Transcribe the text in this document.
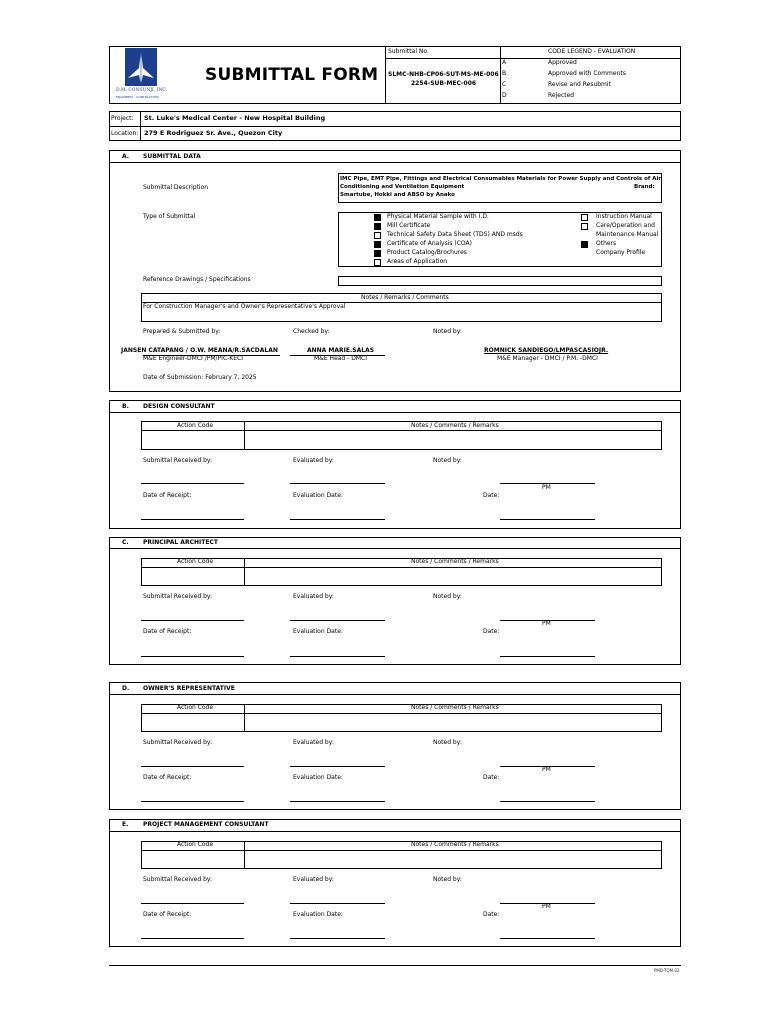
D.M. CONSUNJI, INC.
ENGINEERS · CONTRACTORS
SUBMITTAL FORM
Submittal No.
SLMC-NHB-CP06-SUT-MS-ME-006
2254-SUB-MEC-006
CODE LEGEND - EVALUATION
A	Approved
B	Approved with Comments
C	Revise and Resubmit
D	Rejected
Project: St. Luke's Medical Center - New Hospital Building
Location: 279 E Rodriguez Sr. Ave., Quezon City
A. SUBMITTAL DATA
Submittal Description
IMC Pipe, EMT Pipe, Fittings and Electrical Consumables Materials for Power Supply and Controls of Air
Conditioning and Ventilation Equipment	Brand:
Smartube, Hokki and ABSO by Anako
Type of Submittal	Physical Material Sample with I.D.
Mill Certificate
Technical Safety Data Sheet (TDS) AND msds
Certificate of Analysis (COA)
Product Catalog/Brochures
Areas of Application
Instruction Manual
Care/Operation and
Maintenance Manual
Others
Company Profile
Reference Drawings / Specifications
Notes / Remarks / Comments
For Construction Manager's and Owner's Representative's Approval
Prepared & Submitted by:	Checked by:	Noted by:
JANSEN CATAPANG / O.W. MEANA/R.SACDALAN
M&E Engineer-DMCI /PM/PIC-KECI
ANNA MARIE.SALAS
M&E Head - DMCI
ROMNICK SANDIEGO/LMPASCASIOJR.
M&E Manager - DMCI / P.M. -DMCI
Date of Submission: February 7, 2025
B. DESIGN CONSULTANT
Action Code	Notes / Comments / Remarks
Submittal Received by:	Evaluated by:	Noted by:
PM
Date of Receipt:	Evaluation Date:	Date:
C. PRINCIPAL ARCHITECT
Action Code	Notes / Comments / Remarks
Submittal Received by:	Evaluated by:	Noted by:
PM
Date of Receipt:	Evaluation Date:	Date:
D. OWNER'S REPRESENTATIVE
Action Code	Notes / Comments / Remarks
Submittal Received by:	Evaluated by:	Noted by:
PM
Date of Receipt:	Evaluation Date:	Date:
E. PROJECT MANAGEMENT CONSULTANT
Action Code	Notes / Comments / Remarks
Submittal Received by:	Evaluated by:	Noted by:
PM
Date of Receipt:	Evaluation Date:	Date:
PMD-TQM-02
